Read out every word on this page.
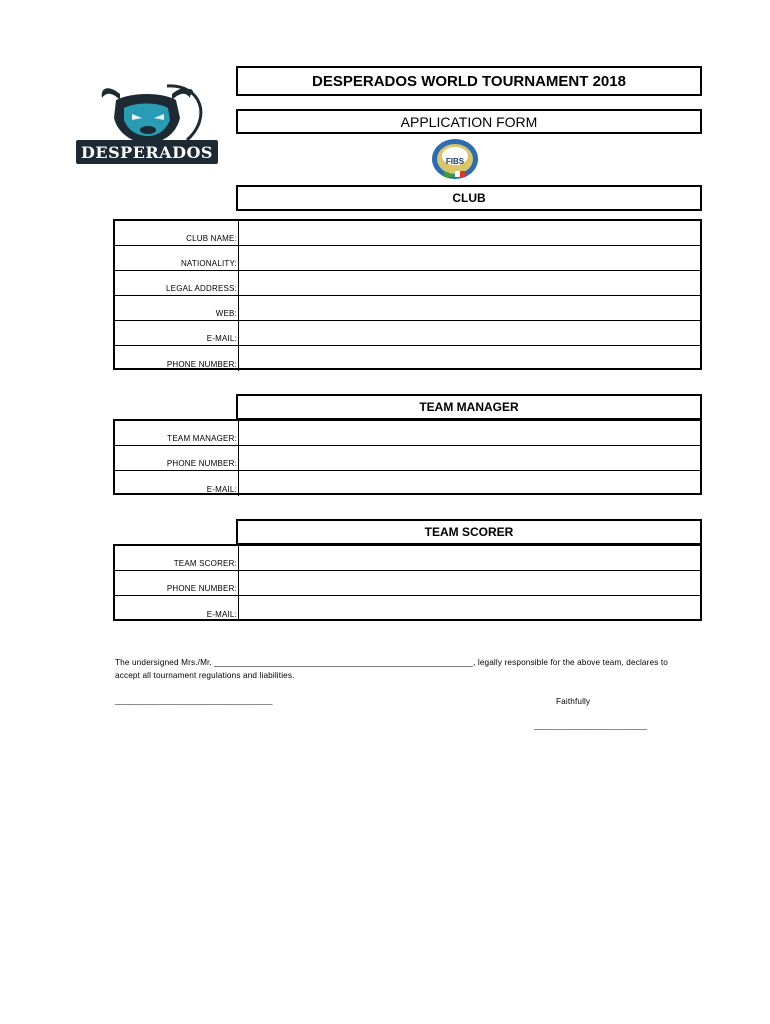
DESPERADOS
DESPERADOS WORLD TOURNAMENT 2018
APPLICATION FORM
FIBS
CLUB
CLUB NAME:
NATIONALITY:
LEGAL ADDRESS:
WEB:
E-MAIL:
PHONE NUMBER:
TEAM MANAGER
TEAM MANAGER:
PHONE NUMBER:
E-MAIL:
TEAM SCORER
TEAM SCORER:
PHONE NUMBER:
E-MAIL:
The undersigned Mrs./Mr. _______________________________________________________, legally responsible for the above team, declares to
accept all tournament regulations and liabilities.
_______________________________________	Faithfully
____________________________
